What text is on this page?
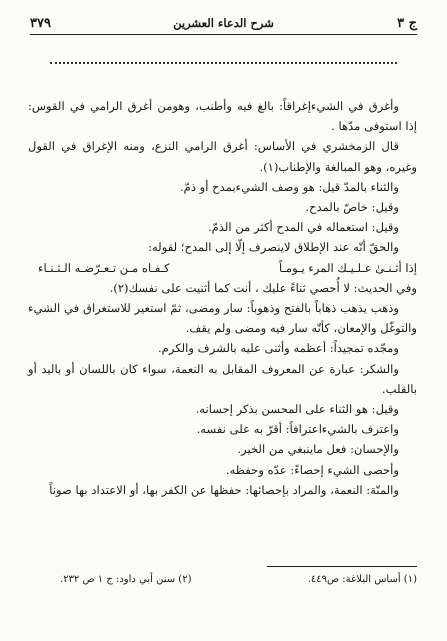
ج ٣
شرح الدعاء العشرين
٣٧٩

وأغرق في الشيءإغراقاً: بالغ فيه وأطنب، وهومن أغرق الرامي في القوس: إذا استوفى مدّها .

قال الزمخشري في الأساس: أغرق الرامي النزع، ومنه الإغراق في القول وغيره، وهو المبالغة والإطناب(١).

والثناء بالمدّ قيل: هو وصف الشيءبمدح أو ذمّ.

وقيل: خاصّ بالمدح.

وقيل: استعماله في المدح أكثر من الذمّ.

والحقّ أنّه عند الإطلاق لاينصرف إلّا إلى المدح؛ لقوله:

إذا أثـنـىٰ عـلـيـك المرء يـومـاً
كـفـاه مـن تـعـرّضـه الـثـنـاء

وفي الحديث: لا أُحصي ثناءً عليك ، أنت كما أثنيت على نفسك(٢).

وذهب يذهب ذهاباً بالفتح وذهوباً: سار ومضى، ثمّ استعير للاستغراق في الشيء والتوغّل والإمعان، كأنّه سار فيه ومضى ولم يقف.

ومجّده تمجيداً: أعظمه وأثنى عليه بالشرف والكرم.

والشكر: عبارة عن المعروف المقابل به النعمة، سواء كان باللسان أو باليد أو بالقلب.

وقيل: هو الثناء على المحسن بذكر إحسانه.

واعترف بالشيءاعترافاً: أقرّ به على نفسه.

والإحسان: فعل ماينبغي من الخير.

وأحصى الشيء إحصاءً: عدّه وحفظه.

والمنّة: النعمة، والمراد بإحصائها: حفظها عن الكفر بها، أو الاعتداد بها صوناً

(١) أساس البلاغة: ص٤٤٩.
(٢) سنن أبي داود: ج ١ ص ٢٣٢.
